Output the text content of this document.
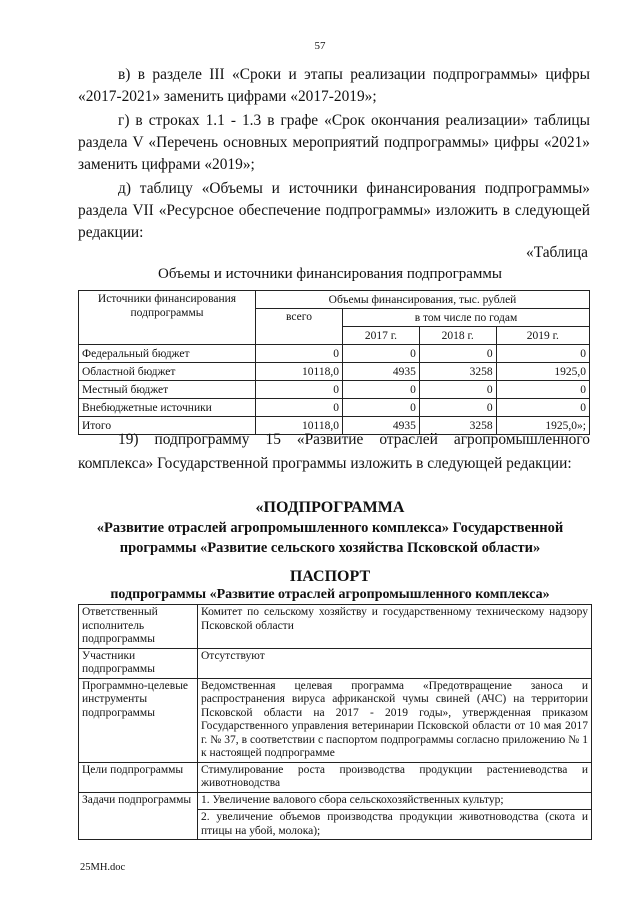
57
в) в разделе III «Сроки и этапы реализации подпрограммы» цифры «2017-2021» заменить цифрами «2017-2019»;
г) в строках 1.1 - 1.3 в графе «Срок окончания реализации» таблицы раздела V «Перечень основных мероприятий подпрограммы» цифры «2021» заменить цифрами «2019»;
д) таблицу «Объемы и источники финансирования подпрограммы» раздела VII «Ресурсное обеспечение подпрограммы» изложить в следующей редакции:
«Таблица
Объемы и источники финансирования подпрограммы
Источники финансирования подпрограммы	Объемы финансирования, тыс. рублей			
	всего	в том числе по годам		
		2017 г.	2018 г.	2019 г.
Федеральный бюджет	0	0	0	0
Областной бюджет	10118,0	4935	3258	1925,0
Местный бюджет	0	0	0	0
Внебюджетные источники	0	0	0	0
Итого	10118,0	4935	3258	1925,0»;
19) подпрограмму 15 «Развитие отраслей агропромышленного комплекса» Государственной программы изложить в следующей редакции:
«ПОДПРОГРАММА
«Развитие отраслей агропромышленного комплекса» Государственной программы «Развитие сельского хозяйства Псковской области»
ПАСПОРТ
подпрограммы «Развитие отраслей агропромышленного комплекса»
Ответственный исполнитель подпрограммы	Комитет по сельскому хозяйству и государственному техническому надзору Псковской области
Участники подпрограммы	Отсутствуют
Программно-целевые инструменты подпрограммы	Ведомственная целевая программа «Предотвращение заноса и распространения вируса африканской чумы свиней (АЧС) на территории Псковской области на 2017 - 2019 годы», утвержденная приказом Государственного управления ветеринарии Псковской области от 10 мая 2017 г. № 37, в соответствии с паспортом подпрограммы согласно приложению № 1 к настоящей подпрограмме
Цели подпрограммы	Стимулирование роста производства продукции растениеводства и животноводства
Задачи подпрограммы	1. Увеличение валового сбора сельскохозяйственных культур;
2. увеличение объемов производства продукции животноводства (скота и птицы на убой, молока);
25МН.doc
